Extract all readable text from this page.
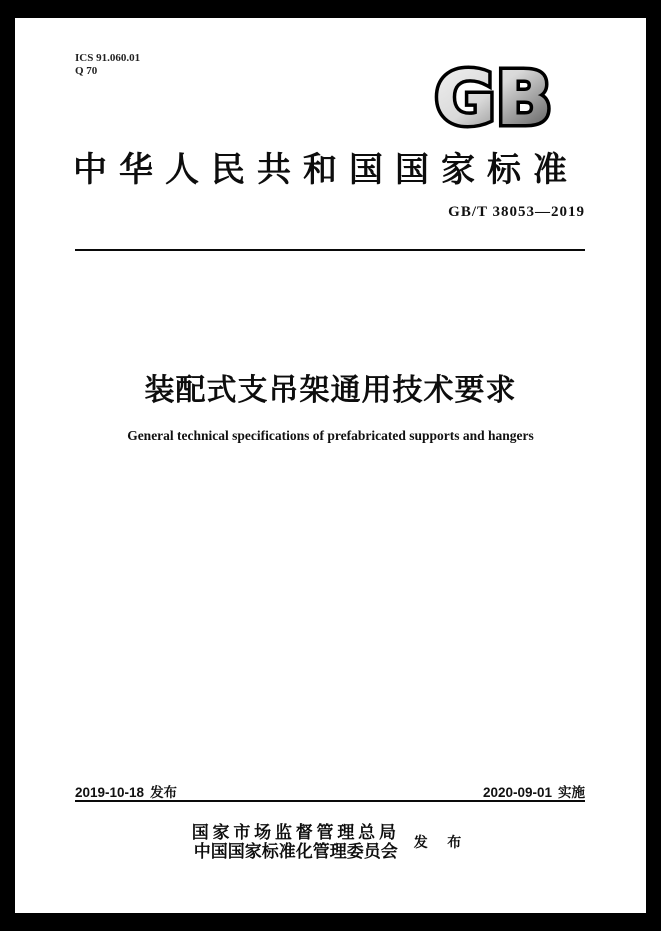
ICS 91.060.01
Q 70	GB
中华人民共和国国家标准
GB/T 38053—2019
装配式支吊架通用技术要求
General technical specifications of prefabricated supports and hangers
2019-10-18 发布	2020-09-01 实施
国家市场监督管理总局
中国国家标准化管理委员会 发 布
